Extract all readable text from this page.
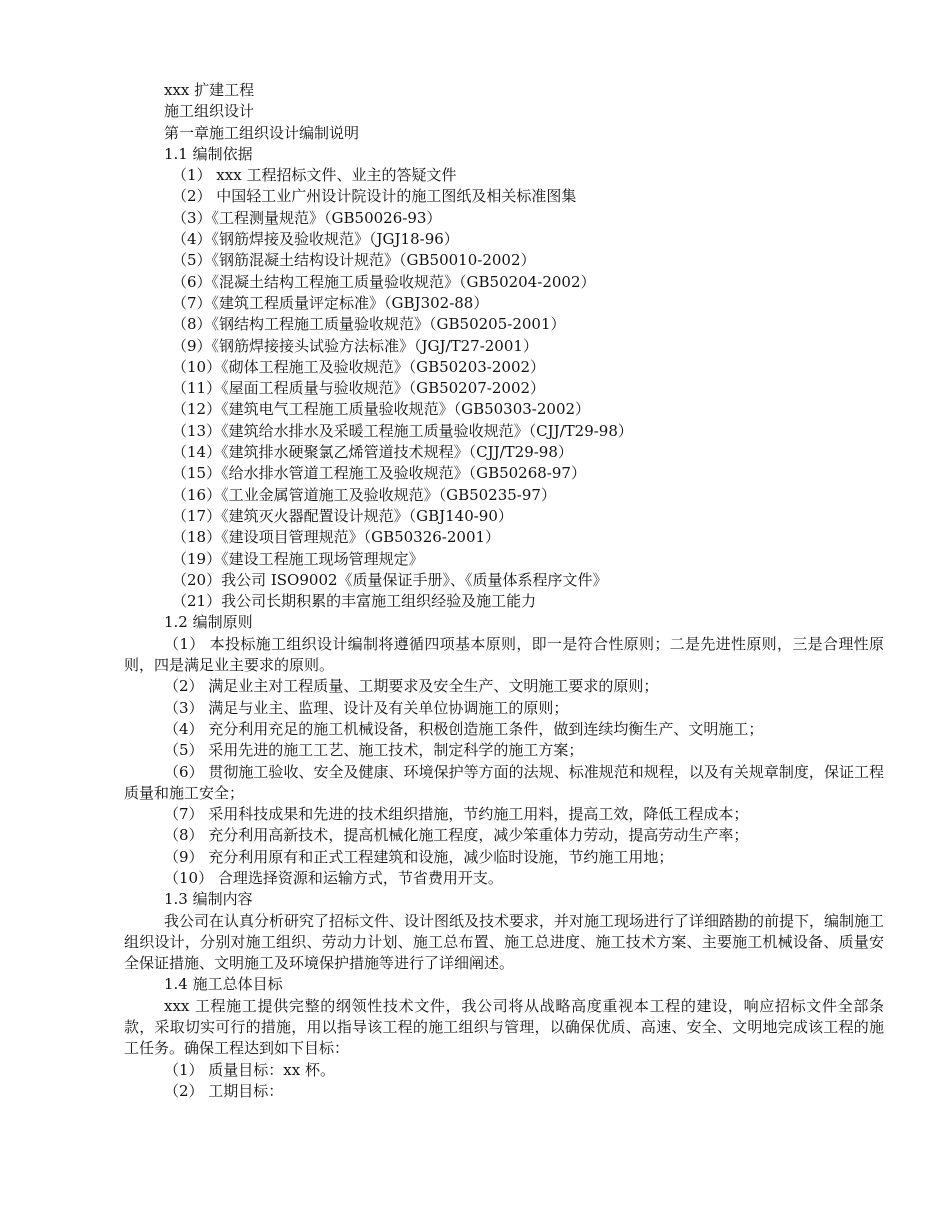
xxx 扩建工程
施工组织设计
第一章施工组织设计编制说明
1.1 编制依据
（1） xxx 工程招标文件、业主的答疑文件
（2） 中国轻工业广州设计院设计的施工图纸及相关标准图集
（3）《工程测量规范》（GB50026-93）
（4）《钢筋焊接及验收规范》（JGJ18-96）
（5）《钢筋混凝土结构设计规范》（GB50010-2002）
（6）《混凝土结构工程施工质量验收规范》（GB50204-2002）
（7）《建筑工程质量评定标准》（GBJ302-88）
（8）《钢结构工程施工质量验收规范》（GB50205-2001）
（9）《钢筋焊接接头试验方法标准》（JGJ/T27-2001）
（10）《砌体工程施工及验收规范》（GB50203-2002）
（11）《屋面工程质量与验收规范》（GB50207-2002）
（12）《建筑电气工程施工质量验收规范》（GB50303-2002）
（13）《建筑给水排水及采暖工程施工质量验收规范》（CJJ/T29-98）
（14）《建筑排水硬聚氯乙烯管道技术规程》（CJJ/T29-98）
（15）《给水排水管道工程施工及验收规范》（GB50268-97）
（16）《工业金属管道施工及验收规范》（GB50235-97）
（17）《建筑灭火器配置设计规范》（GBJ140-90）
（18）《建设项目管理规范》（GB50326-2001）
（19）《建设工程施工现场管理规定》
（20）我公司 ISO9002《质量保证手册》、《质量体系程序文件》
（21）我公司长期积累的丰富施工组织经验及施工能力
1.2 编制原则
（1） 本投标施工组织设计编制将遵循四项基本原则，即一是符合性原则；二是先进性原则，三是合理性原则，四是满足业主要求的原则。
（2） 满足业主对工程质量、工期要求及安全生产、文明施工要求的原则；
（3） 满足与业主、监理、设计及有关单位协调施工的原则；
（4） 充分利用充足的施工机械设备，积极创造施工条件，做到连续均衡生产、文明施工；
（5） 采用先进的施工工艺、施工技术，制定科学的施工方案；
（6） 贯彻施工验收、安全及健康、环境保护等方面的法规、标准规范和规程，以及有关规章制度，保证工程质量和施工安全；
（7） 采用科技成果和先进的技术组织措施，节约施工用料，提高工效，降低工程成本；
（8） 充分利用高新技术，提高机械化施工程度，减少笨重体力劳动，提高劳动生产率；
（9） 充分利用原有和正式工程建筑和设施，减少临时设施，节约施工用地；
（10） 合理选择资源和运输方式，节省费用开支。
1.3 编制内容
我公司在认真分析研究了招标文件、设计图纸及技术要求，并对施工现场进行了详细踏勘的前提下，编制施工组织设计，分别对施工组织、劳动力计划、施工总布置、施工总进度、施工技术方案、主要施工机械设备、质量安全保证措施、文明施工及环境保护措施等进行了详细阐述。
1.4 施工总体目标
xxx 工程施工提供完整的纲领性技术文件，我公司将从战略高度重视本工程的建设，响应招标文件全部条款，采取切实可行的措施，用以指导该工程的施工组织与管理，以确保优质、高速、安全、文明地完成该工程的施工任务。确保工程达到如下目标：
（1） 质量目标：xx 杯。
（2） 工期目标：
